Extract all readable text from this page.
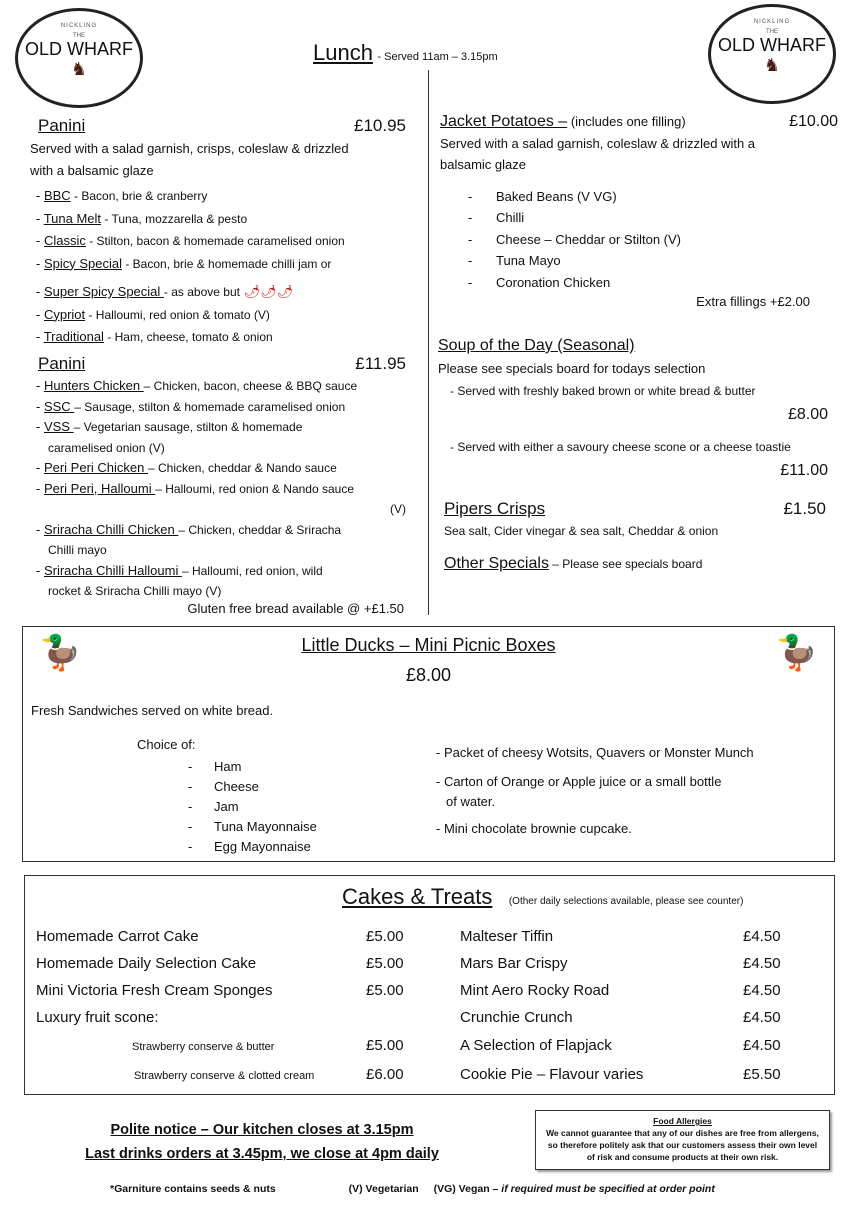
NICKLING
THE
OLD WHARF
♞
NICKLING
THE
OLD WHARF
♞
Lunch - Served 11am – 3.15pm
Panini	£10.95
Served with a salad garnish, crisps, coleslaw & drizzled
with a balsamic glaze
- BBC - Bacon, brie & cranberry
- Tuna Melt - Tuna, mozzarella & pesto
- Classic - Stilton, bacon & homemade caramelised onion
- Spicy Special - Bacon, brie & homemade chilli jam or
- Super Spicy Special - as above but 🌶🌶🌶
- Cypriot - Halloumi, red onion & tomato (V)
- Traditional - Ham, cheese, tomato & onion
Panini	£11.95
- Hunters Chicken – Chicken, bacon, cheese & BBQ sauce
- SSC – Sausage, stilton & homemade caramelised onion
- VSS – Vegetarian sausage, stilton & homemade
caramelised onion (V)
- Peri Peri Chicken – Chicken, cheddar & Nando sauce
- Peri Peri, Halloumi – Halloumi, red onion & Nando sauce
(V)
- Sriracha Chilli Chicken – Chicken, cheddar & Sriracha
Chilli mayo
- Sriracha Chilli Halloumi – Halloumi, red onion, wild
rocket & Sriracha Chilli mayo (V)
Gluten free bread available @ +£1.50
Jacket Potatoes – (includes one filling)	£10.00
Served with a salad garnish, coleslaw & drizzled with a
balsamic glaze
-	Baked Beans (V VG)
-	Chilli
-	Cheese – Cheddar or Stilton (V)
-	Tuna Mayo
-	Coronation Chicken
Extra fillings +£2.00
Soup of the Day (Seasonal)
Please see specials board for todays selection
- Served with freshly baked brown or white bread & butter
£8.00
- Served with either a savoury cheese scone or a cheese toastie
£11.00
Pipers Crisps	£1.50
Sea salt, Cider vinegar & sea salt, Cheddar & onion
Other Specials – Please see specials board
🦆	🦆
Little Ducks – Mini Picnic Boxes
£8.00
Fresh Sandwiches served on white bread.
Choice of:
-	Ham
-	Cheese
-	Jam
-	Tuna Mayonnaise
-	Egg Mayonnaise
- Packet of cheesy Wotsits, Quavers or Monster Munch
- Carton of Orange or Apple juice or a small bottle
of water.
- Mini chocolate brownie cupcake.
Cakes & Treats (Other daily selections available, please see counter)
Homemade Carrot Cake	£5.00
Homemade Daily Selection Cake	£5.00
Mini Victoria Fresh Cream Sponges	£5.00
Luxury fruit scone:
Strawberry conserve & butter	£5.00
Strawberry conserve & clotted cream	£6.00
Malteser Tiffin	£4.50
Mars Bar Crispy	£4.50
Mint Aero Rocky Road	£4.50
Crunchie Crunch	£4.50
A Selection of Flapjack	£4.50
Cookie Pie – Flavour varies	£5.50
Polite notice – Our kitchen closes at 3.15pm
Last drinks orders at 3.45pm, we close at 4pm daily
Food Allergies
We cannot guarantee that any of our dishes are free from allergens, so therefore politely ask that our customers assess their own level of risk and consume products at their own risk.
*Garniture contains seeds & nuts	(V) Vegetarian (VG) Vegan – if required must be specified at order point
